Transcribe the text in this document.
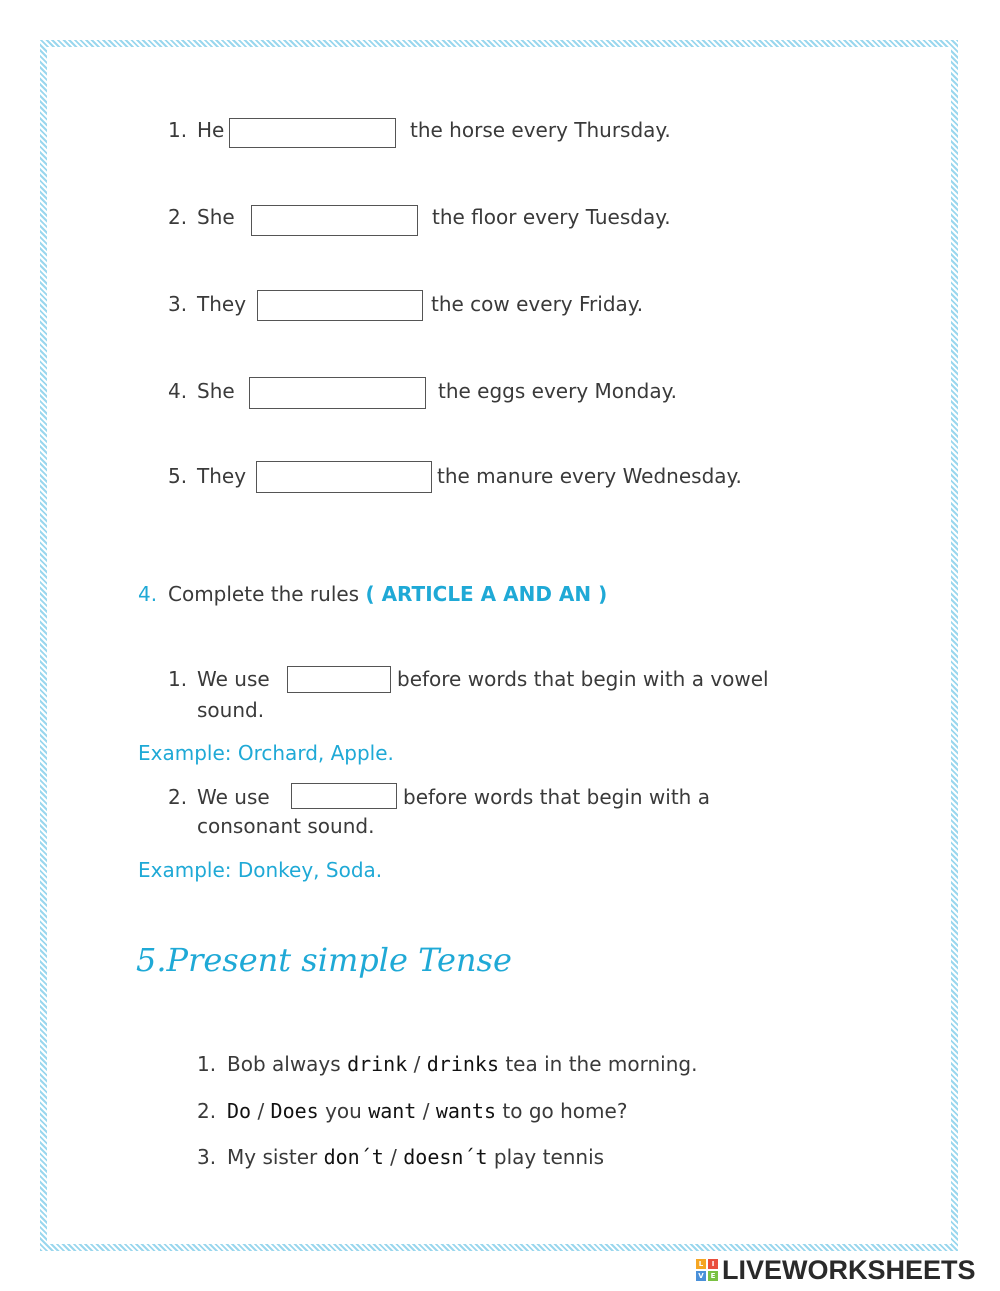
1. He	the horse every Thursday.
2. She	the floor every Tuesday.
3. They	the cow every Friday.
4. She	the eggs every Monday.
5. They	the manure every Wednesday.
4. Complete the rules ( ARTICLE A AND AN )
1. We use	before words that begin with a vowel
sound.
Example: Orchard, Apple.
2. We use	before words that begin with a
consonant sound.
Example: Donkey, Soda.
5.Present simple Tense
1. Bob always drink / drinks tea in the morning.
2. Do / Does you want / wants to go home?
3. My sister don´t / doesn´t play tennis
L	I
V E LIVEWORKSHEETS
